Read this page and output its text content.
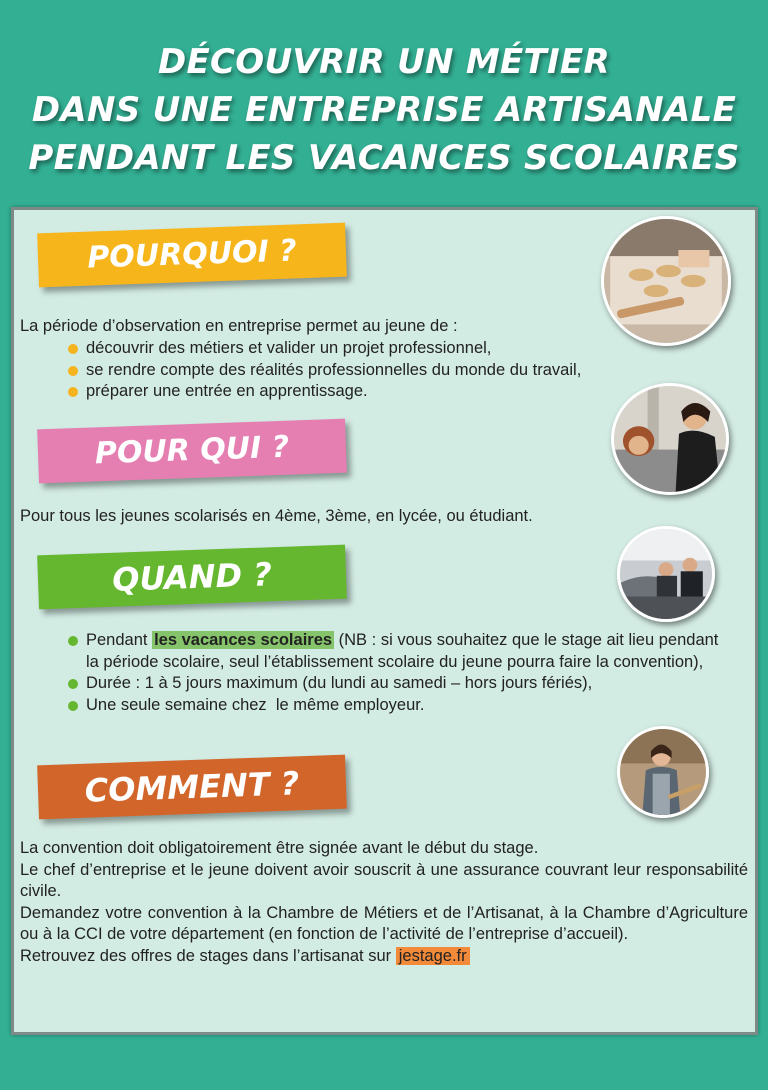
DÉCOUVRIR UN MÉTIER
DANS UNE ENTREPRISE ARTISANALE
PENDANT LES VACANCES SCOLAIRES
POURQUOI ?
La période d’observation en entreprise permet au jeune de :
découvrir des métiers et valider un projet professionnel,
se rendre compte des réalités professionnelles du monde du travail,
préparer une entrée en apprentissage.
POUR QUI ?
Pour tous les jeunes scolarisés en 4ème, 3ème, en lycée, ou étudiant.
QUAND ?
Pendant les vacances scolaires (NB : si vous souhaitez que le stage ait lieu pendant la période scolaire, seul l’établissement scolaire du jeune pourra faire la convention),
Durée : 1 à 5 jours maximum (du lundi au samedi – hors jours fériés),
Une seule semaine chez  le même employeur.
COMMENT ?

La convention doit obligatoirement être signée avant le début du stage.

Le chef d’entreprise et le jeune doivent avoir souscrit à une assurance couvrant leur responsabilité civile.

Demandez votre convention à la Chambre de Métiers et de l’Artisanat, à la Chambre d’Agriculture ou à la CCI de votre département (en fonction de l’activité de l’entreprise d’accueil).

Retrouvez des offres de stages dans l’artisanat sur jestage.fr
